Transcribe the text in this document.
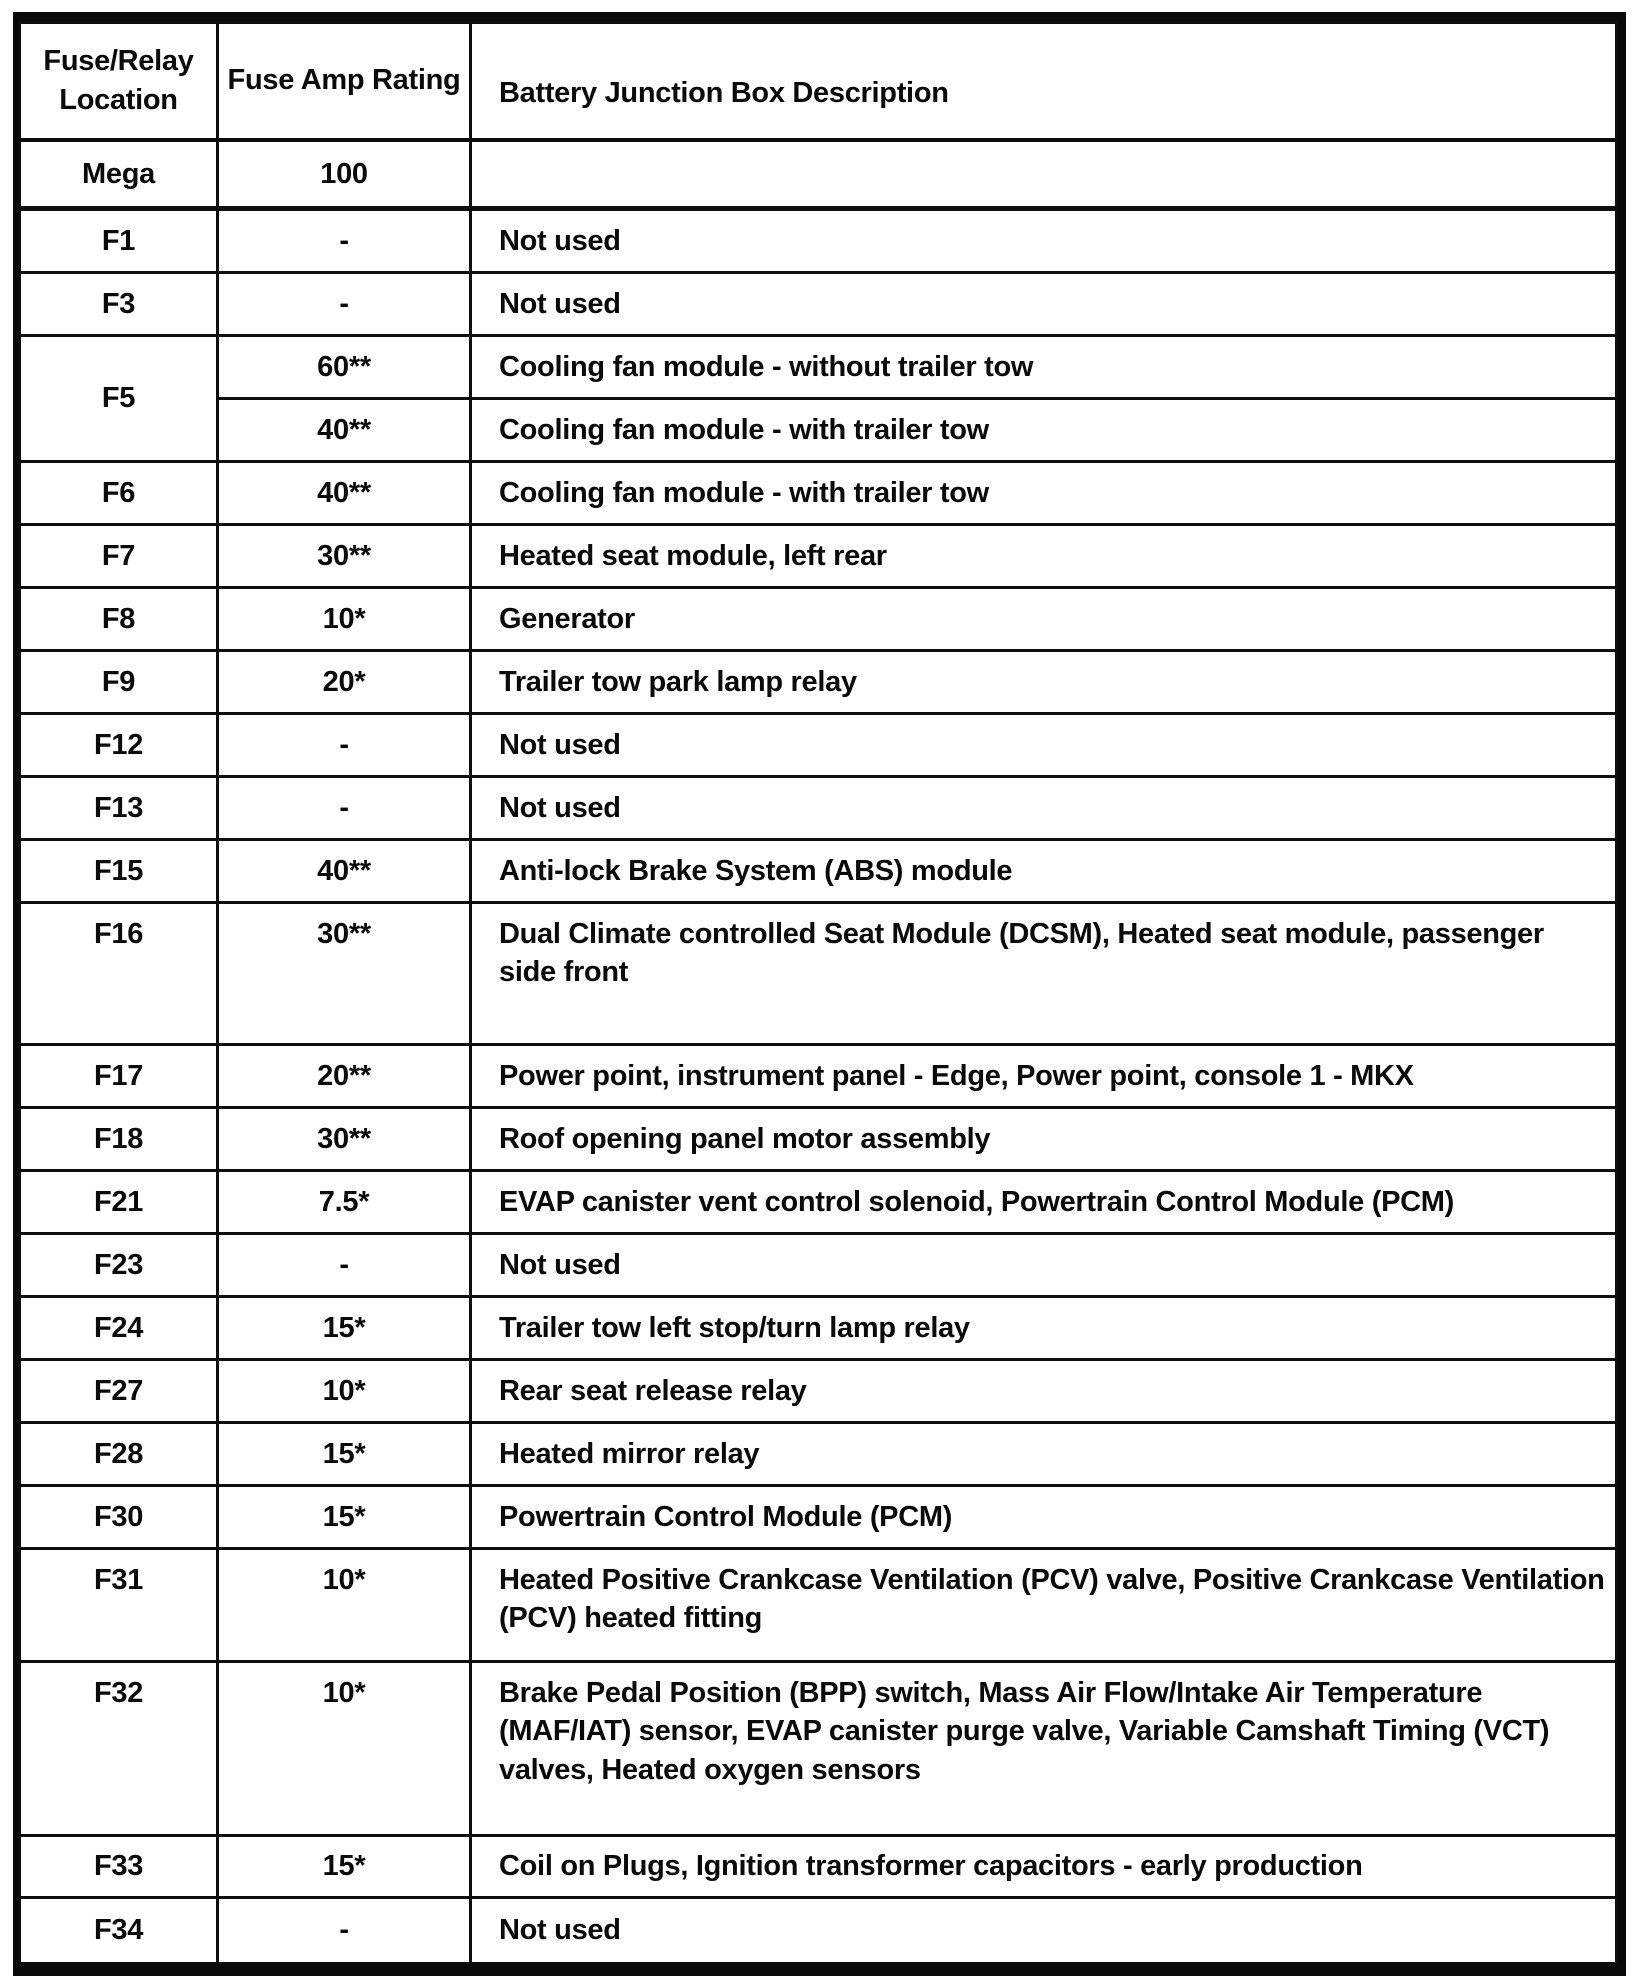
Fuse/Relay Location	Fuse Amp Rating	Battery Junction Box Description
Mega	100	
F1	-	Not used
F3	-	Not used
F5	60**	Cooling fan module - without trailer tow
	40**	Cooling fan module - with trailer tow
F6	40**	Cooling fan module - with trailer tow
F7	30**	Heated seat module, left rear
F8	10*	Generator
F9	20*	Trailer tow park lamp relay
F12	-	Not used
F13	-	Not used
F15	40**	Anti-lock Brake System (ABS) module
F16	30**	Dual Climate controlled Seat Module (DCSM), Heated seat module, passenger side front
F17	20**	Power point, instrument panel - Edge, Power point, console 1 - MKX
F18	30**	Roof opening panel motor assembly
F21	7.5*	EVAP canister vent control solenoid, Powertrain Control Module (PCM)
F23	-	Not used
F24	15*	Trailer tow left stop/turn lamp relay
F27	10*	Rear seat release relay
F28	15*	Heated mirror relay
F30	15*	Powertrain Control Module (PCM)
F31	10*	Heated Positive Crankcase Ventilation (PCV) valve, Positive Crankcase Ventilation (PCV) heated fitting
F32	10*	Brake Pedal Position (BPP) switch, Mass Air Flow/Intake Air Temperature (MAF/IAT) sensor, EVAP canister purge valve, Variable Camshaft Timing (VCT) valves, Heated oxygen sensors
F33	15*	Coil on Plugs, Ignition transformer capacitors - early production
F34	-	Not used
